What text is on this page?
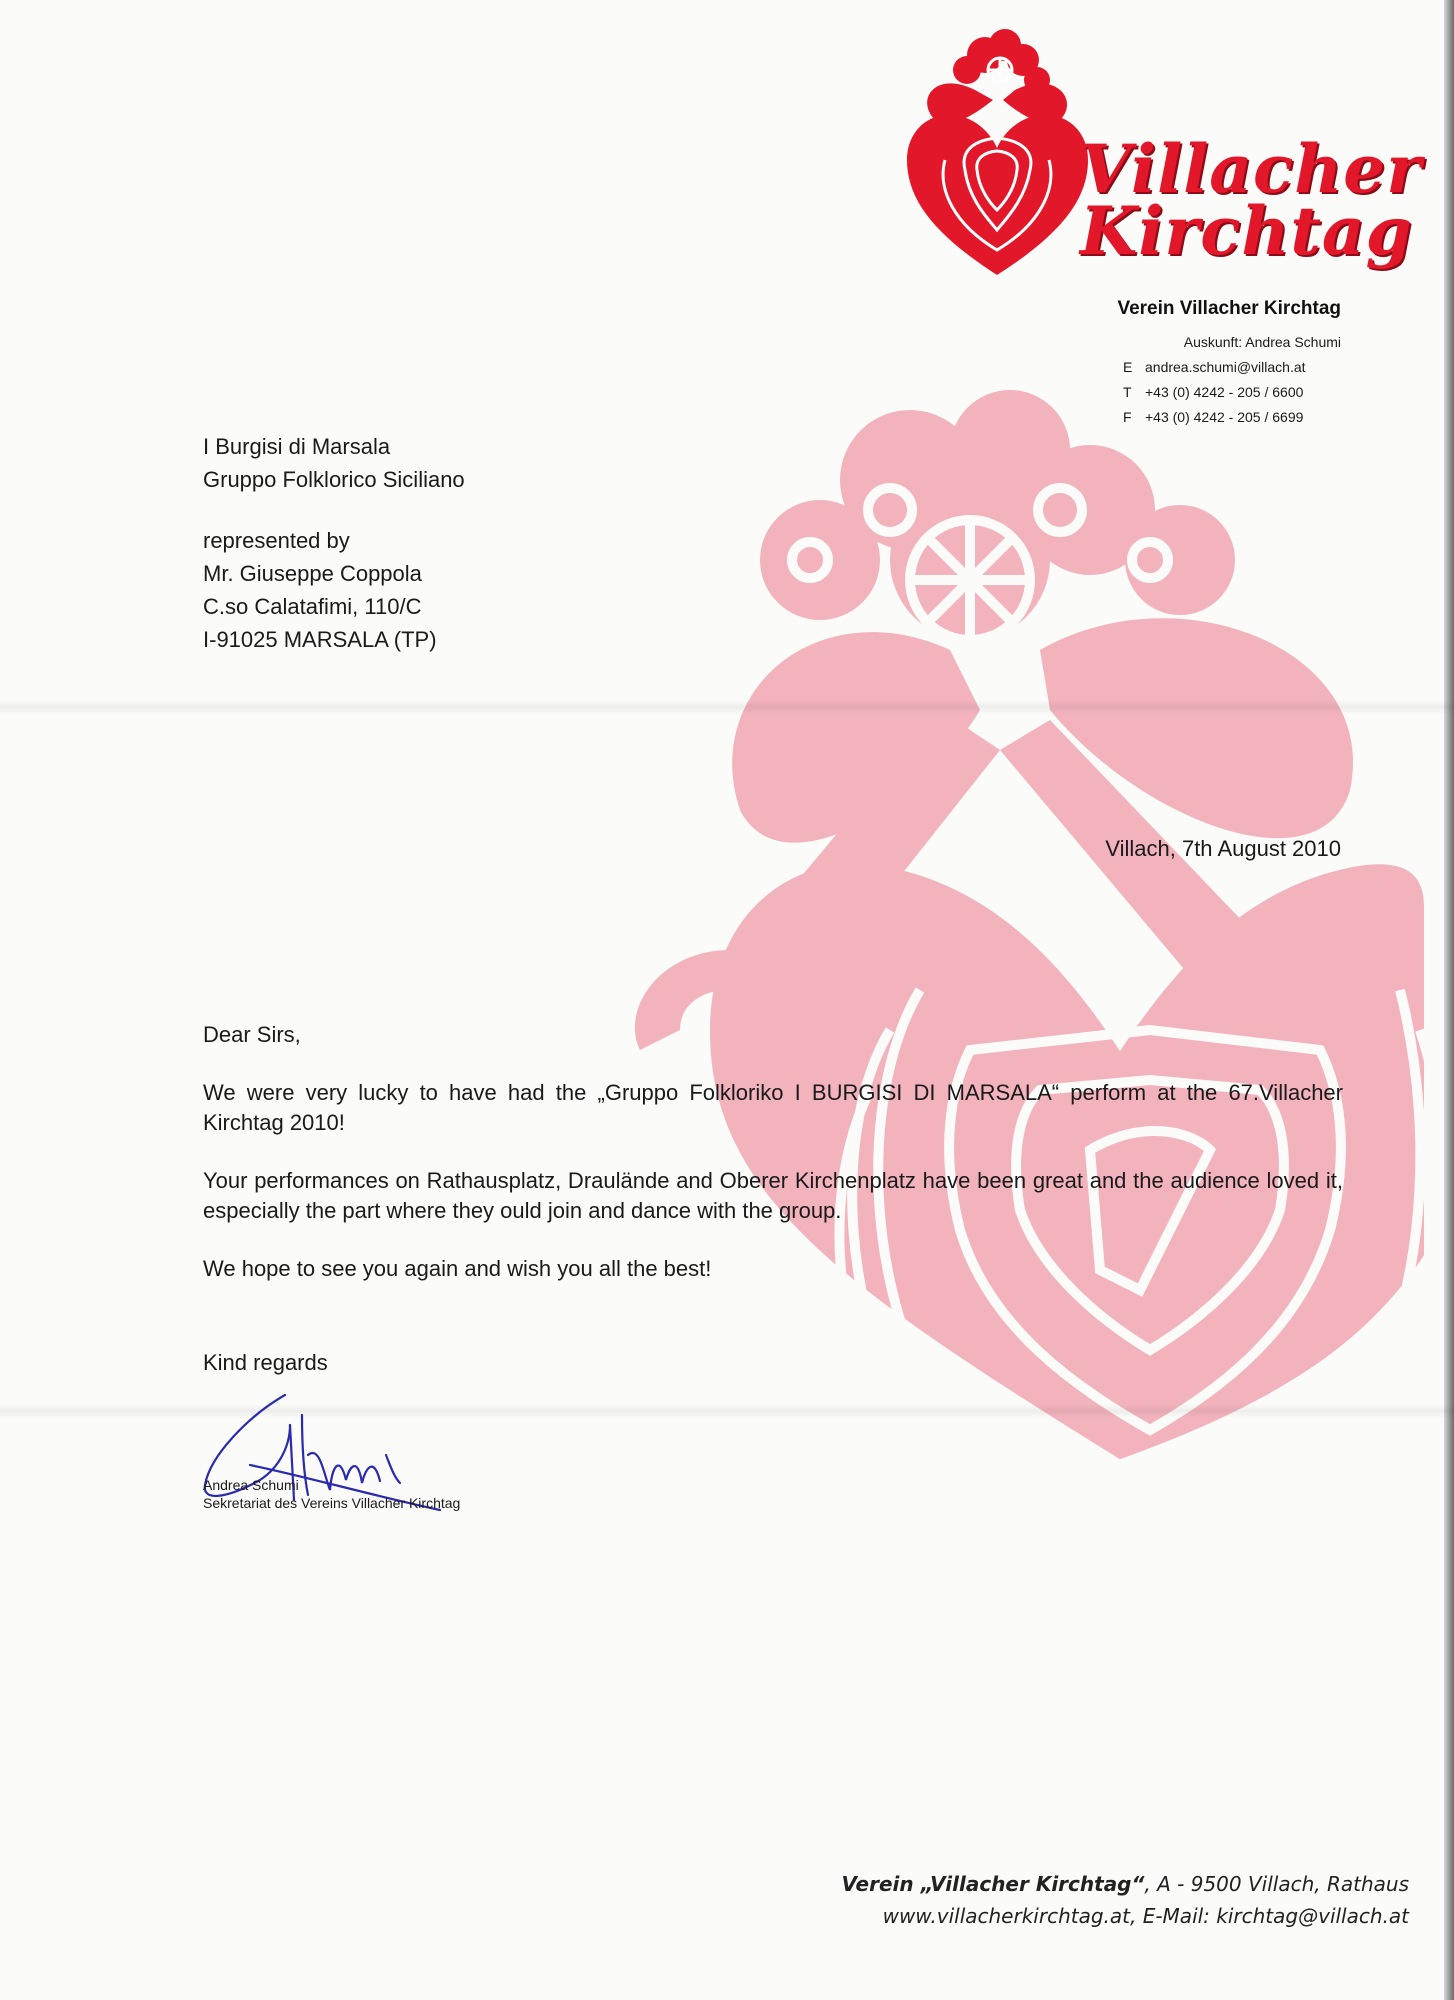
Villacher
Kirchtag
Verein Villacher Kirchtag
Auskunft: Andrea Schumi
E andrea.schumi@villach.at
T +43 (0) 4242 - 205 / 6600
F +43 (0) 4242 - 205 / 6699
I Burgisi di Marsala
Gruppo Folklorico Siciliano
represented by
Mr. Giuseppe Coppola
C.so Calatafimi, 110/C
I-91025 MARSALA (TP)
Villach, 7th August 2010

Dear Sirs,

We were very lucky to have had the „Gruppo Folkloriko I BURGISI DI MARSALA“ perform at the 67.Villacher Kirchtag 2010!

Your performances on Rathausplatz, Draulände and Oberer Kirchenplatz have been great and the audience loved it, especially the part where they ould join and dance with the group.

We hope to see you again and wish you all the best!

Kind regards
Andrea Schumi
Sekretariat des Vereins Villacher Kirchtag
Verein „Villacher Kirchtag“, A - 9500 Villach, Rathaus
www.villacherkirchtag.at, E-Mail: kirchtag@villach.at
